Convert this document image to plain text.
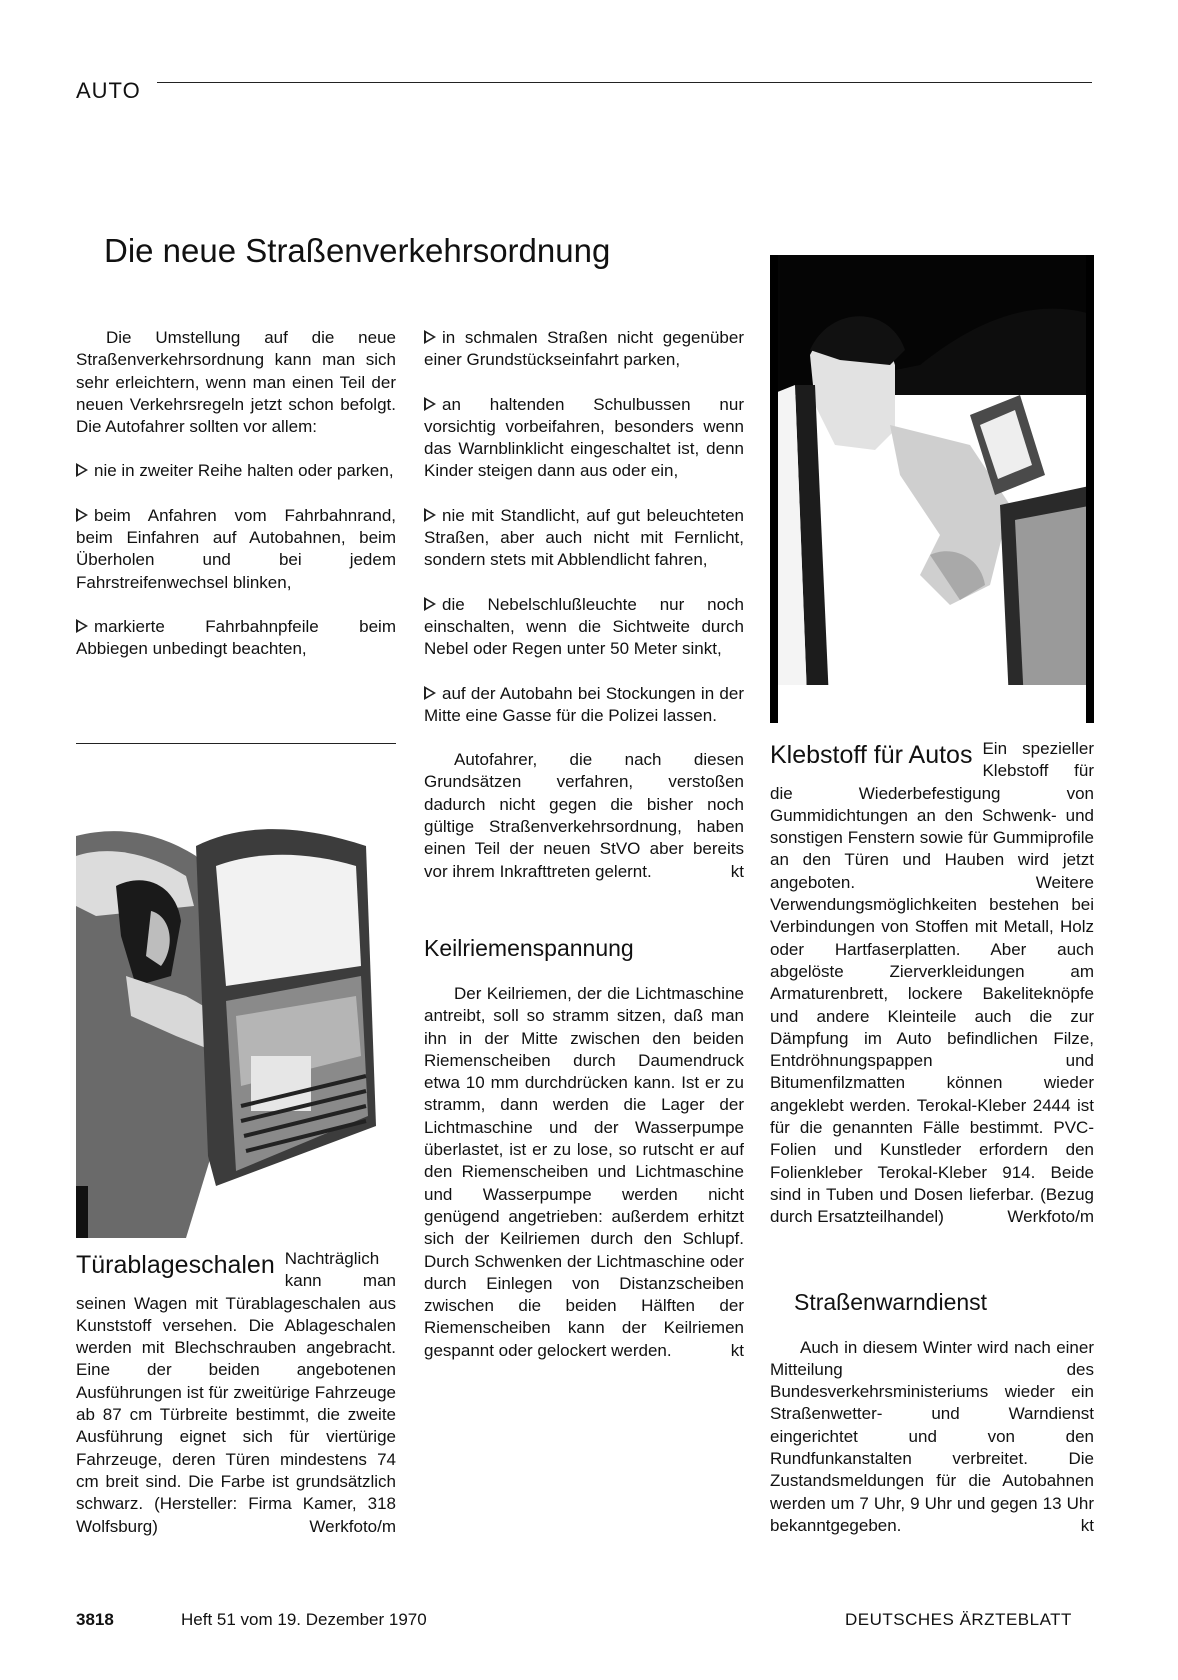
AUTO
Die neue Straßenverkehrsordnung

Die Umstellung auf die neue Straßenverkehrsordnung kann man sich sehr erleichtern, wenn man einen Teil der neuen Verkehrsregeln jetzt schon befolgt. Die Autofahrer sollten vor allem:

nie in zweiter Reihe halten oder parken,

beim Anfahren vom Fahrbahnrand, beim Einfahren auf Autobahnen, beim Überholen und bei jedem Fahrstreifenwechsel blinken,

markierte Fahrbahnpfeile beim Abbiegen unbedingt beachten,

Türablageschalen Nachträglich kann man seinen Wagen mit Türablageschalen aus Kunststoff versehen. Die Ablageschalen werden mit Blechschrauben angebracht. Eine der beiden angebotenen Ausführungen ist für zweitürige Fahrzeuge ab 87 cm Türbreite bestimmt, die zweite Ausführung eignet sich für viertürige Fahrzeuge, deren Türen mindestens 74 cm breit sind. Die Farbe ist grundsätzlich schwarz. (Hersteller: Firma Kamer, 318 Wolfsburg)	Werkfoto/m

in schmalen Straßen nicht gegenüber einer Grundstückseinfahrt parken,

an haltenden Schulbussen nur vorsichtig vorbeifahren, besonders wenn das Warnblinklicht eingeschaltet ist, denn Kinder steigen dann aus oder ein,

nie mit Standlicht, auf gut beleuchteten Straßen, aber auch nicht mit Fernlicht, sondern stets mit Abblendlicht fahren,

die Nebelschlußleuchte nur noch einschalten, wenn die Sichtweite durch Nebel oder Regen unter 50 Meter sinkt,

auf der Autobahn bei Stockungen in der Mitte eine Gasse für die Polizei lassen.

Autofahrer, die nach diesen Grundsätzen verfahren, verstoßen dadurch nicht gegen die bisher noch gültige Straßenverkehrsordnung, haben einen Teil der neuen StVO aber bereits vor ihrem Inkrafttreten gelernt.	kt

Keilriemenspannung

Der Keilriemen, der die Lichtmaschine antreibt, soll so stramm sitzen, daß man ihn in der Mitte zwischen den beiden Riemenscheiben durch Daumendruck etwa 10 mm durchdrücken kann. Ist er zu stramm, dann werden die Lager der Lichtmaschine und der Wasserpumpe überlastet, ist er zu lose, so rutscht er auf den Riemenscheiben und Lichtmaschine und Wasserpumpe werden nicht genügend angetrieben: außerdem erhitzt sich der Keilriemen durch den Schlupf. Durch Schwenken der Lichtmaschine oder durch Einlegen von Distanzscheiben zwischen die beiden Hälften der Riemenscheiben kann der Keilriemen gespannt oder gelockert werden.	kt

Klebstoff für Autos Ein spezieller Klebstoff für die Wiederbefestigung von Gummidichtungen an den Schwenk- und sonstigen Fenstern sowie für Gummiprofile an den Türen und Hauben wird jetzt angeboten. Weitere Verwendungsmöglichkeiten bestehen bei Verbindungen von Stoffen mit Metall, Holz oder Hartfaserplatten. Aber auch abgelöste Zierverkleidungen am Armaturenbrett, lockere Bakeliteknöpfe und andere Kleinteile auch die zur Dämpfung im Auto befindlichen Filze, Entdröhnungspappen und Bitumenfilzmatten können wieder angeklebt werden. Terokal-Kleber 2444 ist für die genannten Fälle bestimmt. PVC-Folien und Kunstleder erfordern den Folienkleber Terokal-Kleber 914. Beide sind in Tuben und Dosen lieferbar. (Bezug durch Ersatzteilhandel)	Werkfoto/m

Straßenwarndienst

Auch in diesem Winter wird nach einer Mitteilung des Bundesverkehrsministeriums wieder ein Straßenwetter- und Warndienst eingerichtet und von den Rundfunkanstalten verbreitet. Die Zustandsmeldungen für die Autobahnen werden um 7 Uhr, 9 Uhr und gegen 13 Uhr bekanntgegeben.	kt

3818	Heft 51 vom 19. Dezember 1970	DEUTSCHES ÄRZTEBLATT
